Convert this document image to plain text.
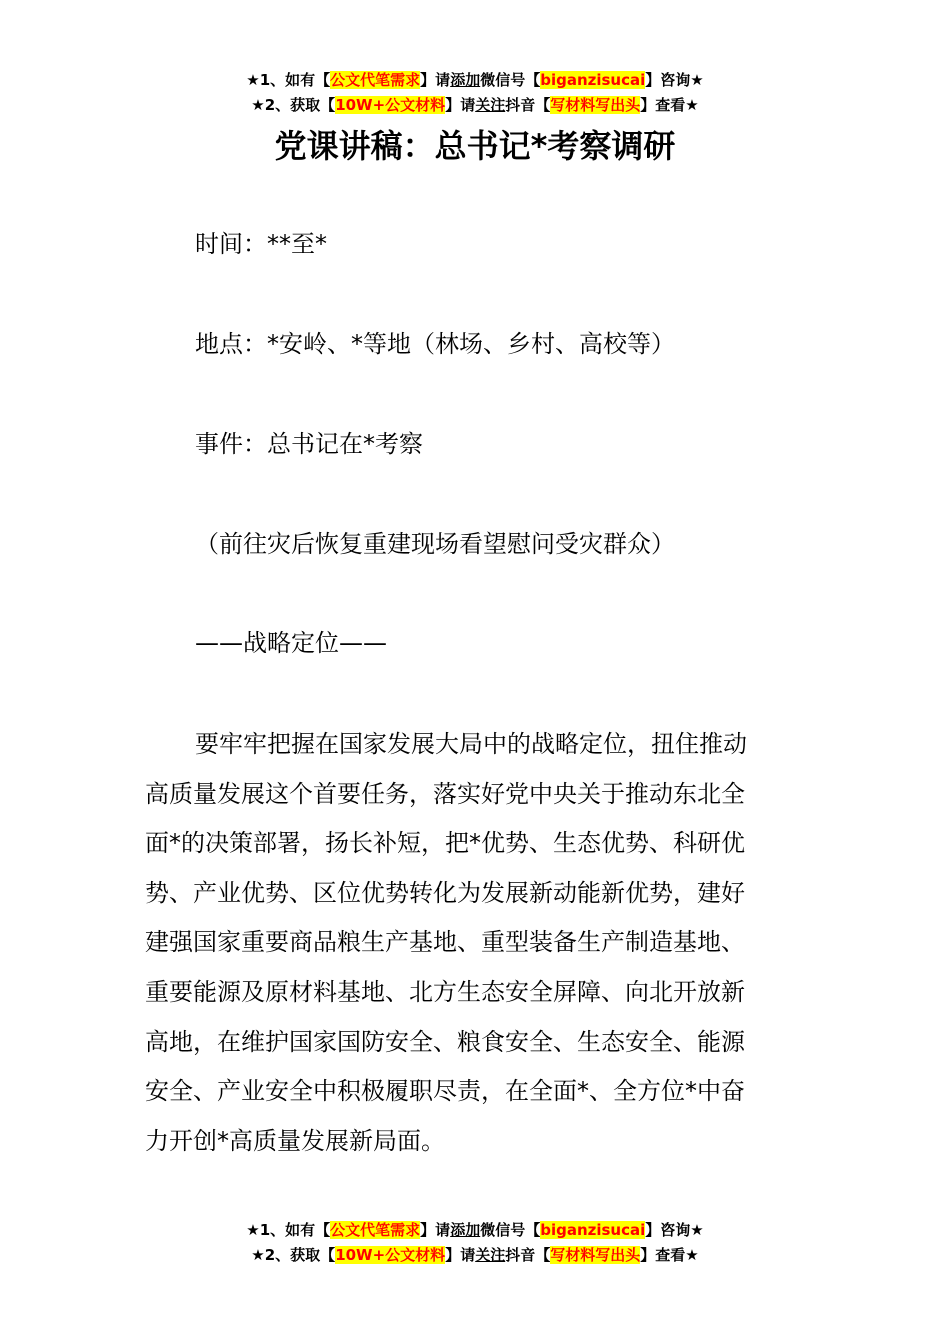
★1、如有【公文代笔需求】请添加微信号【biganzisucai】咨询★
★2、获取【10W+公文材料】请关注抖音【写材料写出头】查看★
党课讲稿：总书记*考察调研
时间：**至*
地点：*安岭、*等地（林场、乡村、高校等）
事件：总书记在*考察
（前往灾后恢复重建现场看望慰问受灾群众）
——战略定位——
要牢牢把握在国家发展大局中的战略定位，扭住推动
高质量发展这个首要任务，落实好党中央关于推动东北全
面*的决策部署，扬长补短，把*优势、生态优势、科研优
势、产业优势、区位优势转化为发展新动能新优势，建好
建强国家重要商品粮生产基地、重型装备生产制造基地、
重要能源及原材料基地、北方生态安全屏障、向北开放新
高地，在维护国家国防安全、粮食安全、生态安全、能源
安全、产业安全中积极履职尽责，在全面*、全方位*中奋
力开创*高质量发展新局面。
★1、如有【公文代笔需求】请添加微信号【biganzisucai】咨询★
★2、获取【10W+公文材料】请关注抖音【写材料写出头】查看★
